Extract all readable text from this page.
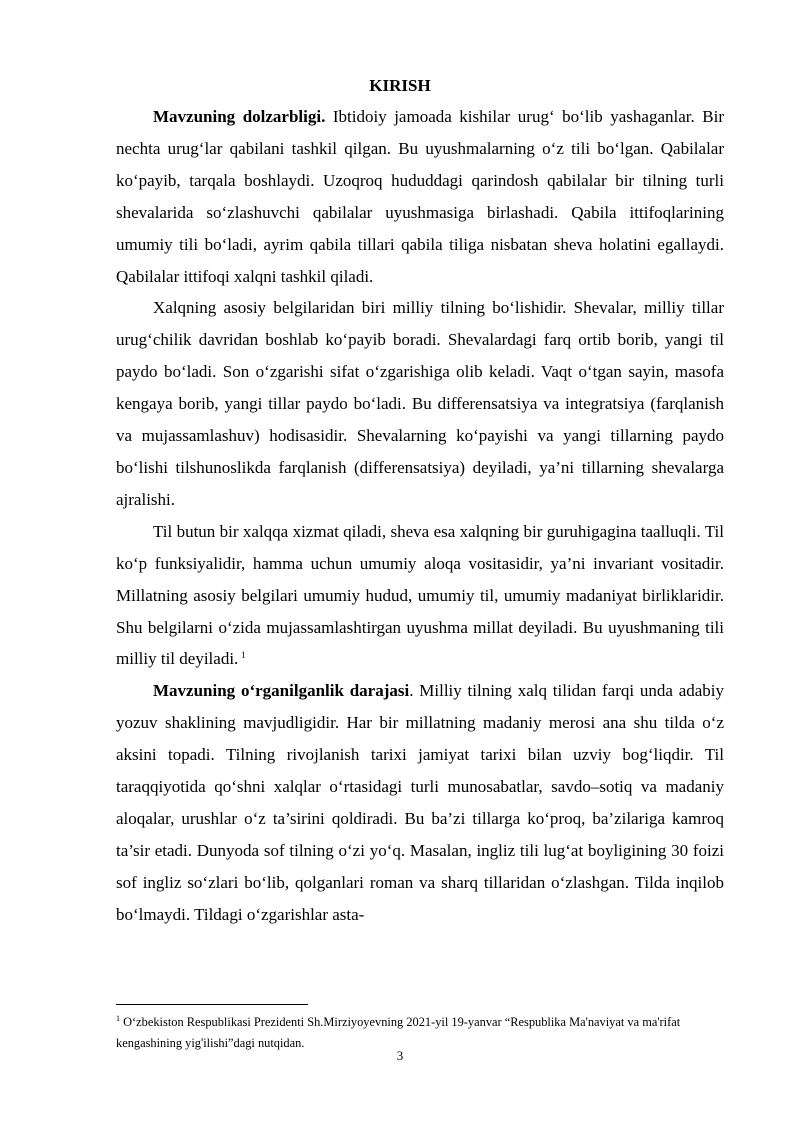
KIRISH

Mavzuning dolzarbligi. Ibtidoiy jamoada kishilar urug‘ bo‘lib yashaganlar. Bir nechta urug‘lar qabilani tashkil qilgan. Bu uyushmalarning o‘z tili bo‘lgan. Qabilalar ko‘payib, tarqala boshlaydi. Uzoqroq hududdagi qarindosh qabilalar bir tilning turli shevalarida so‘zlashuvchi qabilalar uyushmasiga birlashadi. Qabila ittifoqlarining umumiy tili bo‘ladi, ayrim qabila tillari qabila tiliga nisbatan sheva holatini egallaydi. Qabilalar ittifoqi xalqni tashkil qiladi.

Xalqning asosiy belgilaridan biri milliy tilning bo‘lishidir. Shevalar, milliy tillar urug‘chilik davridan boshlab ko‘payib boradi. Shevalardagi farq ortib borib, yangi til paydo bo‘ladi. Son o‘zgarishi sifat o‘zgarishiga olib keladi. Vaqt o‘tgan sayin, masofa kengaya borib, yangi tillar paydo bo‘ladi. Bu differensatsiya va integratsiya (farqlanish va mujassamlashuv) hodisasidir. Shevalarning ko‘payishi va yangi tillarning paydo bo‘lishi tilshunoslikda farqlanish (differensatsiya) deyiladi, ya’ni tillarning shevalarga ajralishi.

Til butun bir xalqqa xizmat qiladi, sheva esa xalqning bir guruhigagina taalluqli. Til ko‘p funksiyalidir, hamma uchun umumiy aloqa vositasidir, ya’ni invariant vositadir. Millatning asosiy belgilari umumiy hudud, umumiy til, umumiy madaniyat birliklaridir. Shu belgilarni o‘zida mujassamlashtirgan uyushma millat deyiladi. Bu uyushmaning tili milliy til deyiladi. $^1$

Mavzuning o‘rganilganlik darajasi. Milliy tilning xalq tilidan farqi unda adabiy yozuv shaklining mavjudligidir. Har bir millatning madaniy merosi ana shu tilda o‘z aksini topadi. Tilning rivojlanish tarixi jamiyat tarixi bilan uzviy bog‘liqdir. Til taraqqiyotida qo‘shni xalqlar o‘rtasidagi turli munosabatlar, savdo–sotiq va madaniy aloqalar, urushlar o‘z ta’sirini qoldiradi. Bu ba’zi tillarga ko‘proq, ba’zilariga kamroq ta’sir etadi. Dunyoda sof tilning o‘zi yo‘q. Masalan, ingliz tili lug‘at boyligining 30 foizi sof ingliz so‘zlari bo‘lib, qolganlari roman va sharq tillaridan o‘zlashgan. Tilda inqilob bo‘lmaydi. Tildagi o‘zgarishlar asta-

$^1$ O‘zbekiston Respublikasi Prezidenti Sh.Mirziyoyevning 2021-yil 19-yanvar “Respublika Ma'naviyat va ma'rifat kengashining yig'ilishi”dagi nutqidan.
3
